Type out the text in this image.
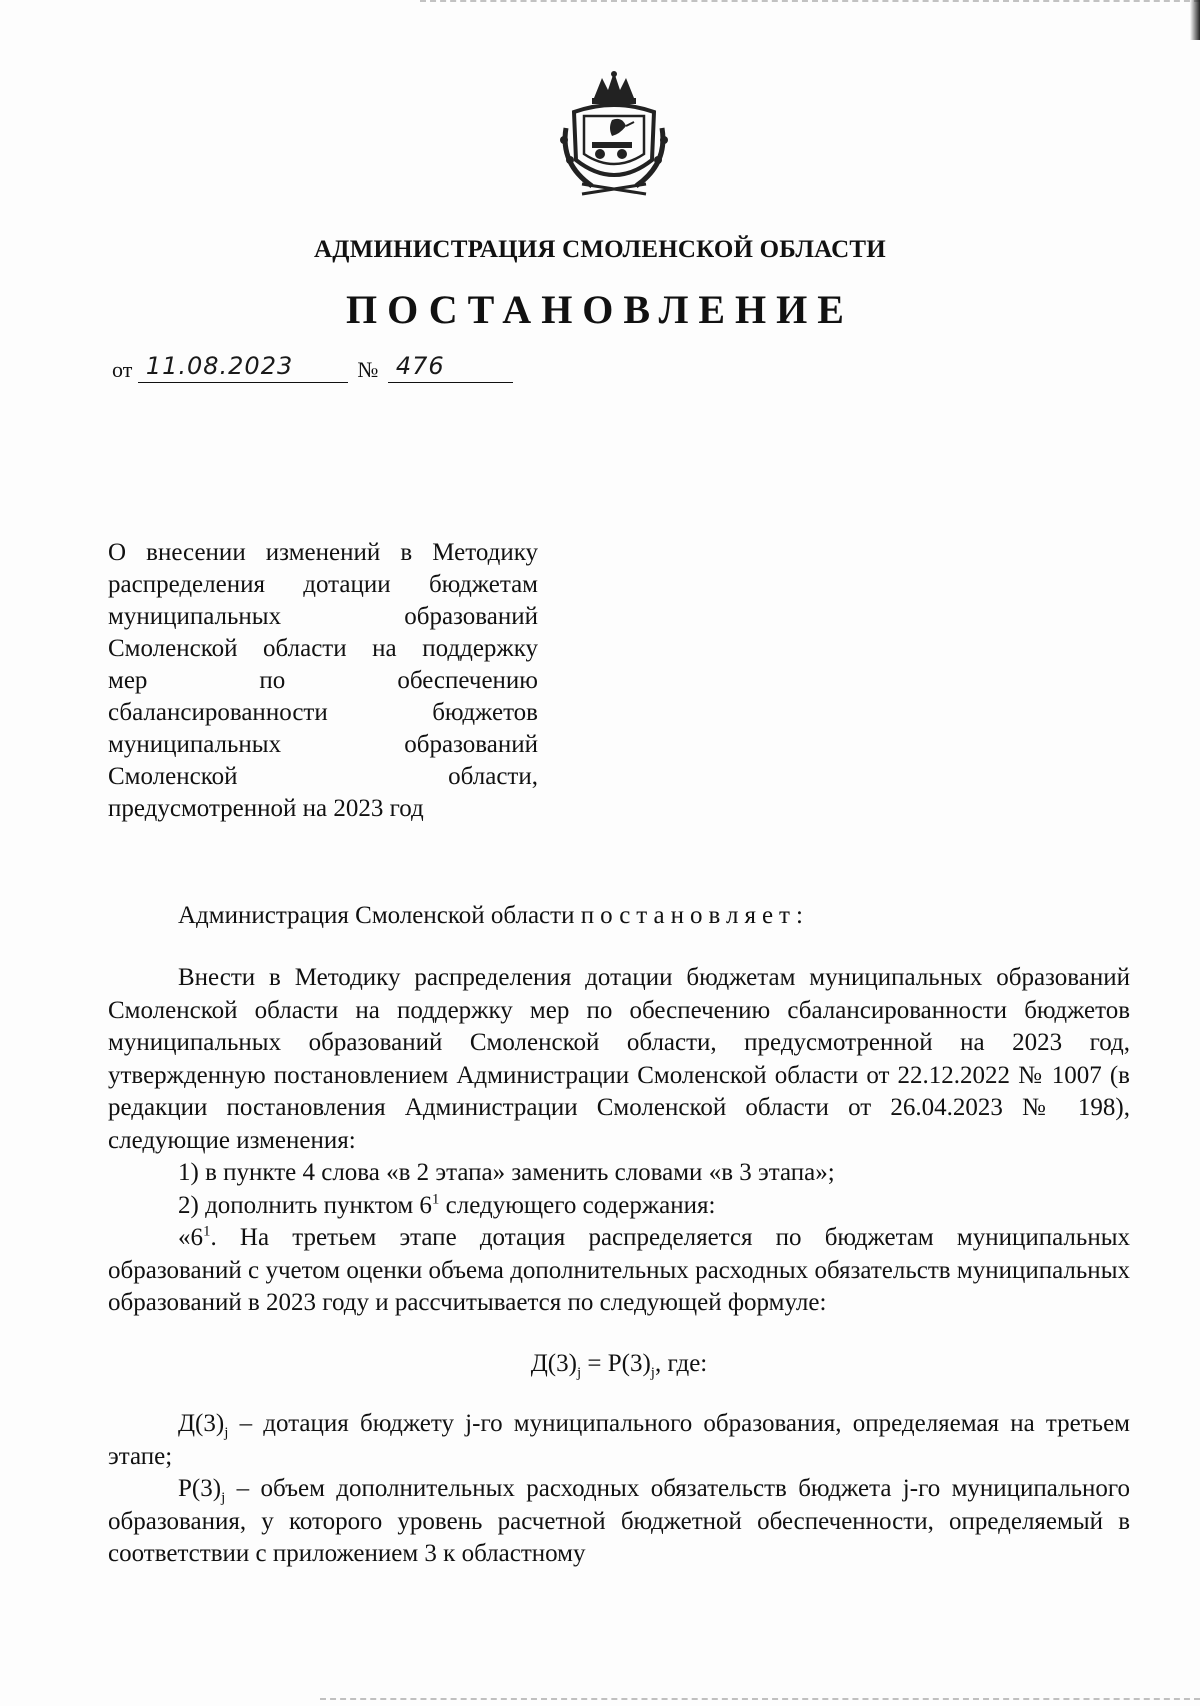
АДМИНИСТРАЦИЯ СМОЛЕНСКОЙ ОБЛАСТИ
ПОСТАНОВЛЕНИЕ
от 11.08.2023	№ 476
О внесении изменений в Методику
распределения дотации бюджетам
муниципальных образований
Смоленской области на поддержку
мер по обеспечению
сбалансированности бюджетов
муниципальных образований
Смоленской области,
предусмотренной на 2023 год

Администрация Смоленской области постановляет:

Внести в Методику распределения дотации бюджетам муниципальных образований Смоленской области на поддержку мер по обеспечению сбалансированности бюджетов муниципальных образований Смоленской области, предусмотренной на 2023 год, утвержденную постановлением Администрации Смоленской области от 22.12.2022 № 1007 (в редакции постановления Администрации Смоленской области от 26.04.2023 № 198), следующие изменения:

1) в пункте 4 слова «в 2 этапа» заменить словами «в 3 этапа»;

2) дополнить пунктом $6^1$ следующего содержания:

«$6^1$. На третьем этапе дотация распределяется по бюджетам муниципальных образований с учетом оценки объема дополнительных расходных обязательств муниципальных образований в 2023 году и рассчитывается по следующей формуле:

$Д(3)_j = Р(3)_j$, где:

$Д(3)_j$ – дотация бюджету j-го муниципального образования, определяемая на третьем этапе;

$Р(3)_j$ – объем дополнительных расходных обязательств бюджета j-го муниципального образования, у которого уровень расчетной бюджетной обеспеченности, определяемый в соответствии с приложением 3 к областному
